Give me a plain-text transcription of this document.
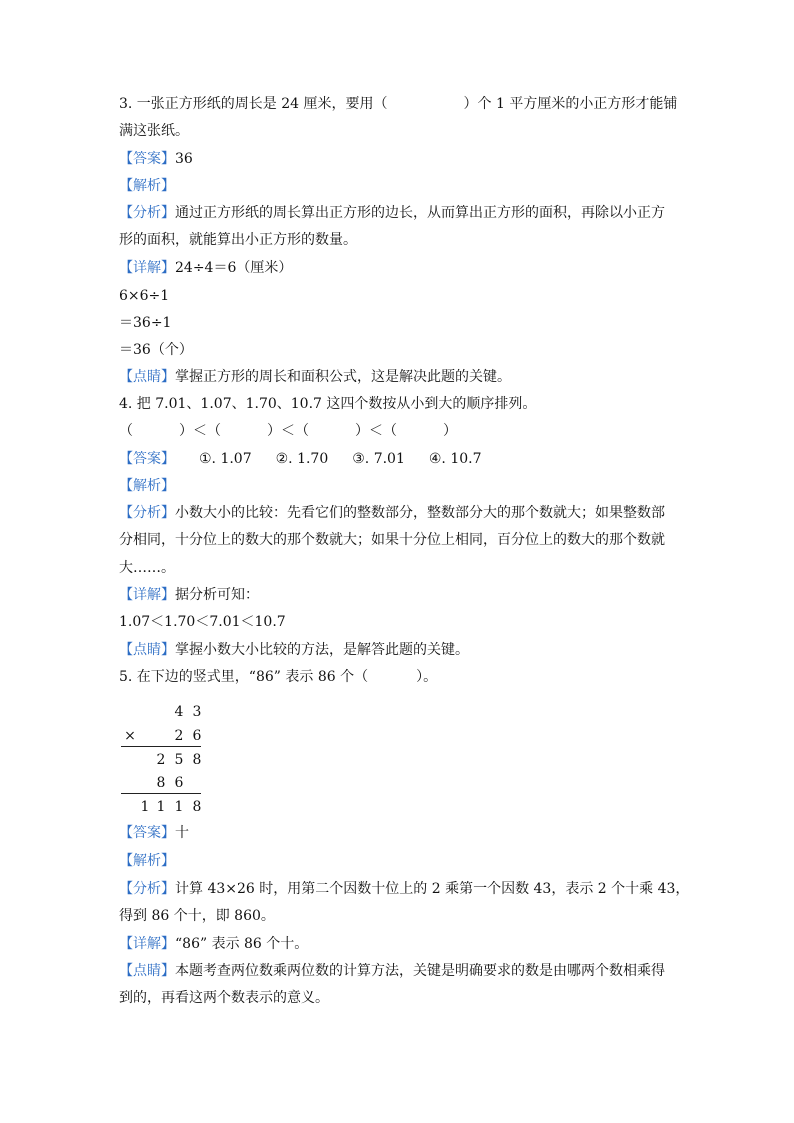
3. 一张正方形纸的周长是 24 厘米，要用（	）个 1 平方厘米的小正方形才能铺
满这张纸。
【答案】36
【解析】
【分析】通过正方形纸的周长算出正方形的边长，从而算出正方形的面积，再除以小正方
形的面积，就能算出小正方形的数量。
【详解】24÷4＝6（厘米）
6×6÷1
＝36÷1
＝36（个）
【点睛】掌握正方形的周长和面积公式，这是解决此题的关键。
4. 把 7.01、1.07、1.70、10.7 这四个数按从小到大的顺序排列。
（	）＜（	）＜（	）＜（	）
【答案】 ①. 1.07 ②. 1.70 ③. 7.01 ④. 10.7
【解析】
【分析】小数大小的比较：先看它们的整数部分，整数部分大的那个数就大；如果整数部
分相同，十分位上的数大的那个数就大；如果十分位上相同，百分位上的数大的那个数就
大……。
【详解】据分析可知：
1.07＜1.70＜7.01＜10.7
【点睛】掌握小数大小比较的方法，是解答此题的关键。
5. 在下边的竖式里，“86” 表示 86 个（	）。
4 3
×	2 6
2 5 8
8 6
1 1 1 8
【答案】十
【解析】
【分析】计算 43×26 时，用第二个因数十位上的 2 乘第一个因数 43，表示 2 个十乘 43，
得到 86 个十，即 860。
【详解】“86” 表示 86 个十。
【点睛】本题考查两位数乘两位数的计算方法，关键是明确要求的数是由哪两个数相乘得
到的，再看这两个数表示的意义。
